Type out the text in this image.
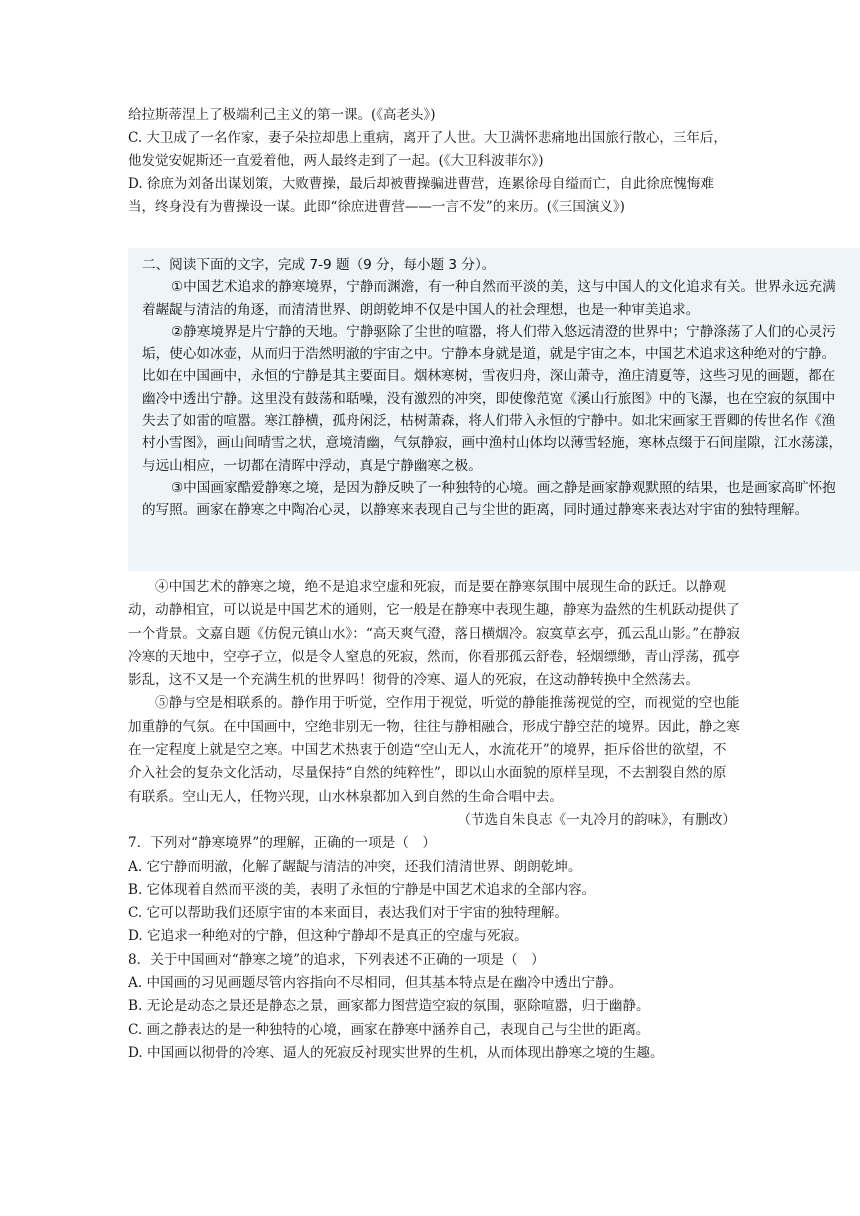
给拉斯蒂涅上了极端利己主义的第一课。(《高老头》)

C. 大卫成了一名作家，妻子朵拉却患上重病，离开了人世。大卫满怀悲痛地出国旅行散心，三年后，他发觉安妮斯还一直爱着他，两人最终走到了一起。(《大卫科波菲尔》)

D. 徐庶为刘备出谋划策，大败曹操，最后却被曹操骗进曹营，连累徐母自缢而亡，自此徐庶愧悔难当，终身没有为曹操设一谋。此即“徐庶进曹营——一言不发”的来历。(《三国演义》)

二、阅读下面的文字，完成 7-9 题（9 分，每小题 3 分）。

①中国艺术追求的静寒境界，宁静而渊澹，有一种自然而平淡的美，这与中国人的文化追求有关。世界永远充满着龌龊与清洁的角逐，而清清世界、朗朗乾坤不仅是中国人的社会理想，也是一种审美追求。

②静寒境界是片宁静的天地。宁静驱除了尘世的喧嚣，将人们带入悠远清澄的世界中；宁静涤荡了人们的心灵污垢，使心如冰壶，从而归于浩然明澈的宇宙之中。宁静本身就是道，就是宇宙之本，中国艺术追求这种绝对的宁静。比如在中国画中，永恒的宁静是其主要面目。烟林寒树，雪夜归舟，深山萧寺，渔庄清夏等，这些习见的画题，都在幽冷中透出宁静。这里没有鼓荡和聒噪，没有激烈的冲突，即使像范宽《溪山行旅图》中的飞瀑，也在空寂的氛围中失去了如雷的喧嚣。寒江静横，孤舟闲泛，枯树萧森，将人们带入永恒的宁静中。如北宋画家王晋卿的传世名作《渔村小雪图》，画山间晴雪之状，意境清幽，气氛静寂，画中渔村山体均以薄雪轻施，寒林点缀于石间崖隙，江水荡漾，与远山相应，一切都在清晖中浮动，真是宁静幽寒之极。

③中国画家酷爱静寒之境，是因为静反映了一种独特的心境。画之静是画家静观默照的结果，也是画家高旷怀抱的写照。画家在静寒之中陶冶心灵，以静寒来表现自己与尘世的距离，同时通过静寒来表达对宇宙的独特理解。

④中国艺术的静寒之境，绝不是追求空虚和死寂，而是要在静寒氛围中展现生命的跃迁。以静观动，动静相宜，可以说是中国艺术的通则，它一般是在静寒中表现生趣，静寒为盎然的生机跃动提供了一个背景。文嘉自题《仿倪元镇山水》：“高天爽气澄，落日横烟冷。寂寞草玄亭，孤云乱山影。”在静寂冷寒的天地中，空亭孑立，似是令人窒息的死寂，然而，你看那孤云舒卷，轻烟缥缈，青山浮荡，孤亭影乱，这不又是一个充满生机的世界吗！彻骨的冷寒、逼人的死寂，在这动静转换中全然荡去。

⑤静与空是相联系的。静作用于听觉，空作用于视觉，听觉的静能推荡视觉的空，而视觉的空也能加重静的气氛。在中国画中，空绝非别无一物，往往与静相融合，形成宁静空茫的境界。因此，静之寒在一定程度上就是空之寒。中国艺术热衷于创造“空山无人，水流花开”的境界，拒斥俗世的欲望，不介入社会的复杂文化活动，尽量保持“自然的纯粹性”，即以山水面貌的原样呈现，不去割裂自然的原有联系。空山无人，任物兴现，山水林泉都加入到自然的生命合唱中去。

（节选自朱良志《一丸冷月的韵味》，有删改）

7．下列对“静寒境界”的理解，正确的一项是（　）

A. 它宁静而明澈，化解了龌龊与清洁的冲突，还我们清清世界、朗朗乾坤。

B. 它体现着自然而平淡的美，表明了永恒的宁静是中国艺术追求的全部内容。

C. 它可以帮助我们还原宇宙的本来面目，表达我们对于宇宙的独特理解。

D. 它追求一种绝对的宁静，但这种宁静却不是真正的空虚与死寂。

8．关于中国画对“静寒之境”的追求，下列表述不正确的一项是（　）

A. 中国画的习见画题尽管内容指向不尽相同，但其基本特点是在幽冷中透出宁静。

B. 无论是动态之景还是静态之景，画家都力图营造空寂的氛围，驱除喧嚣，归于幽静。

C. 画之静表达的是一种独特的心境，画家在静寒中涵养自己，表现自己与尘世的距离。

D. 中国画以彻骨的冷寒、逼人的死寂反衬现实世界的生机，从而体现出静寒之境的生趣。
